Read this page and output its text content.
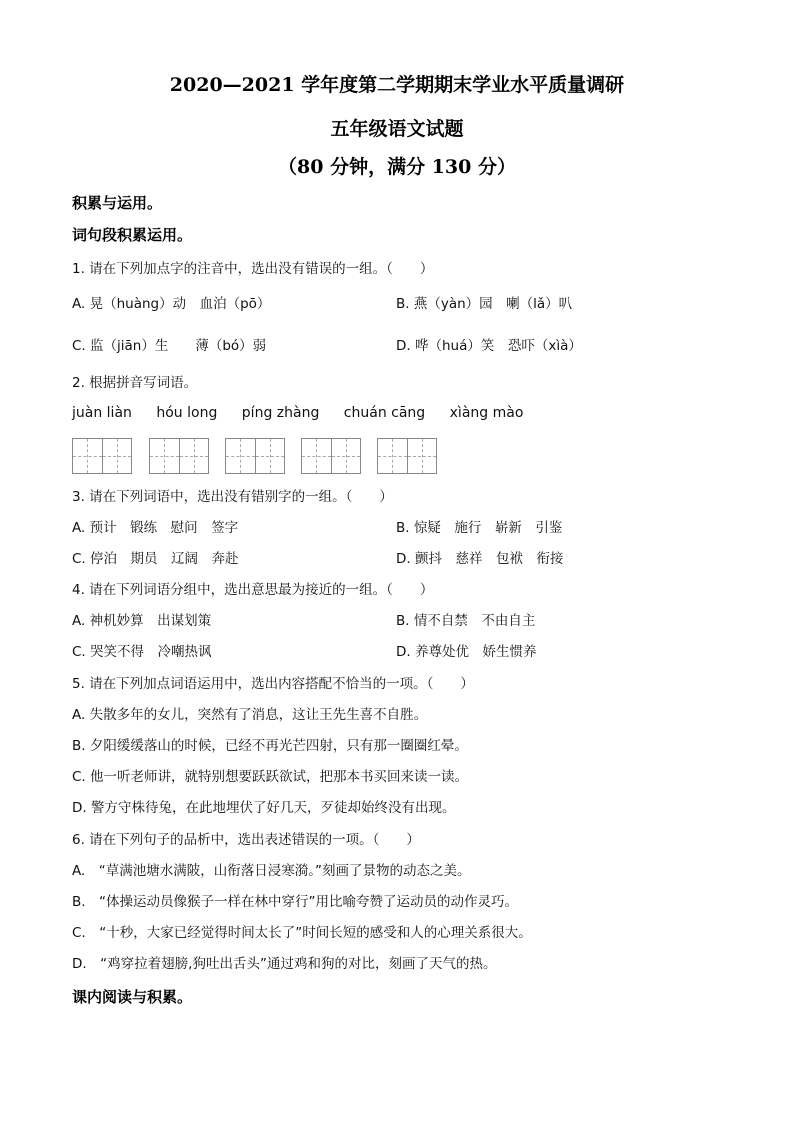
2020—2021 学年度第二学期期末学业水平质量调研
五年级语文试题
（80 分钟，满分 130 分）
积累与运用。
词句段积累运用。
1. 请在下列加点字的注音中，选出没有错误的一组。（　　）
A. 晃（huàng）动　血泊（pō）	B. 燕（yàn）园　喇（lǎ）叭
C. 监（jiān）生　　薄（bó）弱	D. 哗（huá）笑　恐吓（xìà）
2. 根据拼音写词语。
juàn liàn hóu long píng zhàng chuán cāng xìàng mào
3. 请在下列词语中，选出没有错别字的一组。（　　）
A. 预计　锻练　慰问　签字	B. 惊疑　施行　崭新　引鉴
C. 停泊　期员　辽阔　奔赴	D. 颤抖　慈祥　包袱　衔接
4. 请在下列词语分组中，选出意思最为接近的一组。（　　）
A. 神机妙算　出谋划策	B. 情不自禁　不由自主
C. 哭笑不得　冷嘲热讽	D. 养尊处优　娇生惯养
5. 请在下列加点词语运用中，选出内容搭配不恰当的一项。（　　）
A. 失散多年的女儿，突然有了消息，这让王先生喜不自胜。
B. 夕阳缓缓落山的时候，已经不再光芒四射，只有那一圈圈红晕。
C. 他一听老师讲，就特别想要跃跃欲试，把那本书买回来读一读。
D. 警方守株待兔，在此地埋伏了好几天，歹徒却始终没有出现。
6. 请在下列句子的品析中，选出表述错误的一项。（　　）
A.　“草满池塘水满陂，山衔落日浸寒漪。”刻画了景物的动态之美。
B.　“体操运动员像猴子一样在林中穿行”用比喻夸赞了运动员的动作灵巧。
C.　“十秒，大家已经觉得时间太长了”时间长短的感受和人的心理关系很大。
D.　“鸡穿拉着翅膀,狗吐出舌头”通过鸡和狗的对比，刻画了天气的热。
课内阅读与积累。
